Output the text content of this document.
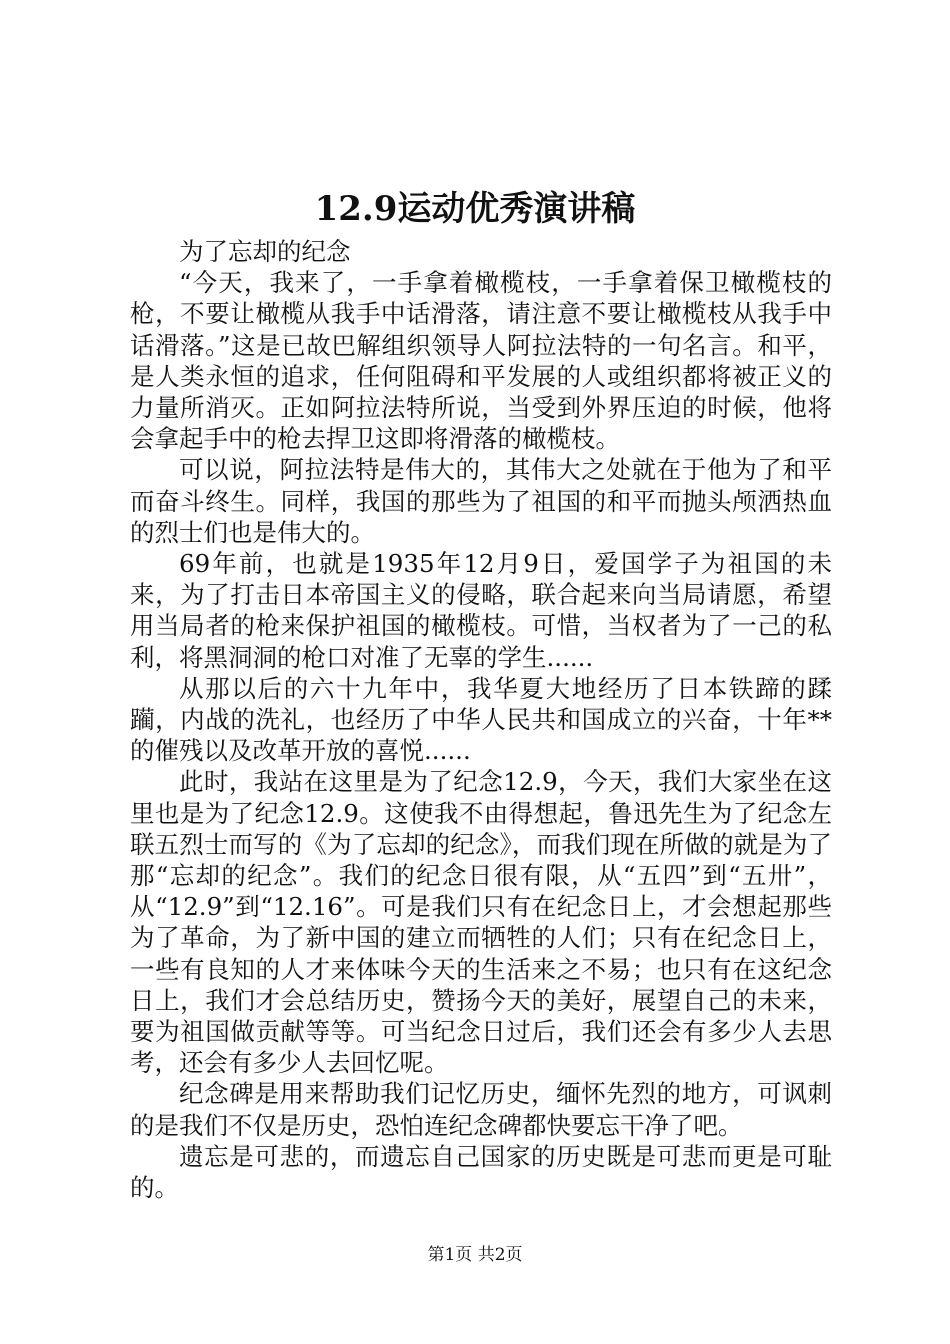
12.9运动优秀演讲稿

为了忘却的纪念

“今天，我来了，一手拿着橄榄枝，一手拿着保卫橄榄枝的枪，不要让橄榄从我手中话滑落，请注意不要让橄榄枝从我手中话滑落。”这是已故巴解组织领导人阿拉法特的一句名言。和平，是人类永恒的追求，任何阻碍和平发展的人或组织都将被正义的力量所消灭。正如阿拉法特所说，当受到外界压迫的时候，他将会拿起手中的枪去捍卫这即将滑落的橄榄枝。

可以说，阿拉法特是伟大的，其伟大之处就在于他为了和平而奋斗终生。同样，我国的那些为了祖国的和平而抛头颅洒热血的烈士们也是伟大的。

69年前，也就是1935年12月9日，爱国学子为祖国的未来，为了打击日本帝国主义的侵略，联合起来向当局请愿，希望用当局者的枪来保护祖国的橄榄枝。可惜，当权者为了一己的私利，将黑洞洞的枪口对准了无辜的学生......

从那以后的六十九年中，我华夏大地经历了日本铁蹄的蹂躏，内战的洗礼，也经历了中华人民共和国成立的兴奋，十年**的催残以及改革开放的喜悦......

此时，我站在这里是为了纪念12.9，今天，我们大家坐在这里也是为了纪念12.9。这使我不由得想起，鲁迅先生为了纪念左联五烈士而写的《为了忘却的纪念》，而我们现在所做的就是为了那“忘却的纪念”。我们的纪念日很有限，从“五四”到“五卅”，从“12.9”到“12.16”。可是我们只有在纪念日上，才会想起那些为了革命，为了新中国的建立而牺牲的人们；只有在纪念日上，一些有良知的人才来体味今天的生活来之不易；也只有在这纪念日上，我们才会总结历史，赞扬今天的美好，展望自己的未来，要为祖国做贡献等等。可当纪念日过后，我们还会有多少人去思考，还会有多少人去回忆呢。

纪念碑是用来帮助我们记忆历史，缅怀先烈的地方，可讽刺的是我们不仅是历史，恐怕连纪念碑都快要忘干净了吧。

遗忘是可悲的，而遗忘自己国家的历史既是可悲而更是可耻的。

第1页 共2页
